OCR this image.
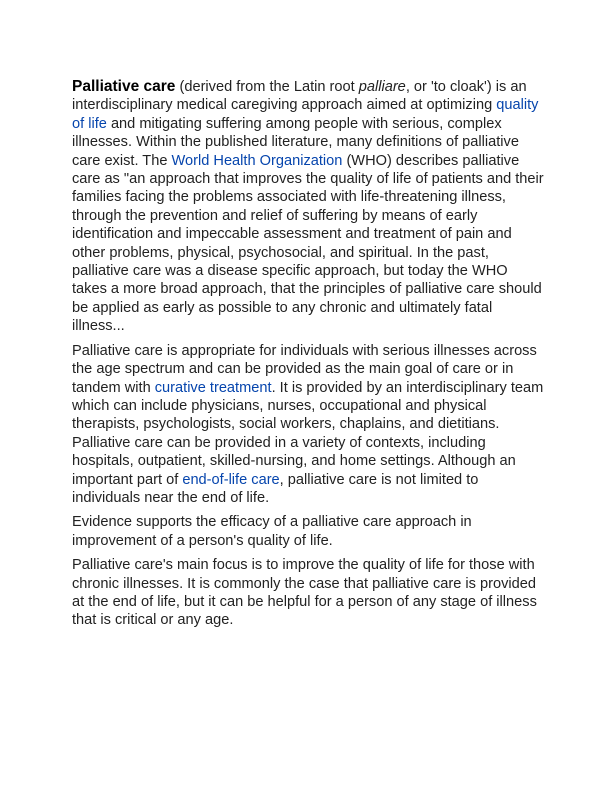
Palliative care (derived from the Latin root palliare, or 'to cloak') is an interdisciplinary medical caregiving approach aimed at optimizing quality of life and mitigating suffering among people with serious, complex illnesses. Within the published literature, many definitions of palliative care exist. The World Health Organization (WHO) describes palliative care as "an approach that improves the quality of life of patients and their families facing the problems associated with life-threatening illness, through the prevention and relief of suffering by means of early identification and impeccable assessment and treatment of pain and other problems, physical, psychosocial, and spiritual. In the past, palliative care was a disease specific approach, but today the WHO takes a more broad approach, that the principles of palliative care should be applied as early as possible to any chronic and ultimately fatal illness...

Palliative care is appropriate for individuals with serious illnesses across the age spectrum and can be provided as the main goal of care or in tandem with curative treatment. It is provided by an interdisciplinary team which can include physicians, nurses, occupational and physical therapists, psychologists, social workers, chaplains, and dietitians. Palliative care can be provided in a variety of contexts, including hospitals, outpatient, skilled-nursing, and home settings. Although an important part of end-of-life care, palliative care is not limited to individuals near the end of life.

Evidence supports the efficacy of a palliative care approach in improvement of a person's quality of life.

Palliative care's main focus is to improve the quality of life for those with chronic illnesses. It is commonly the case that palliative care is provided at the end of life, but it can be helpful for a person of any stage of illness that is critical or any age.
